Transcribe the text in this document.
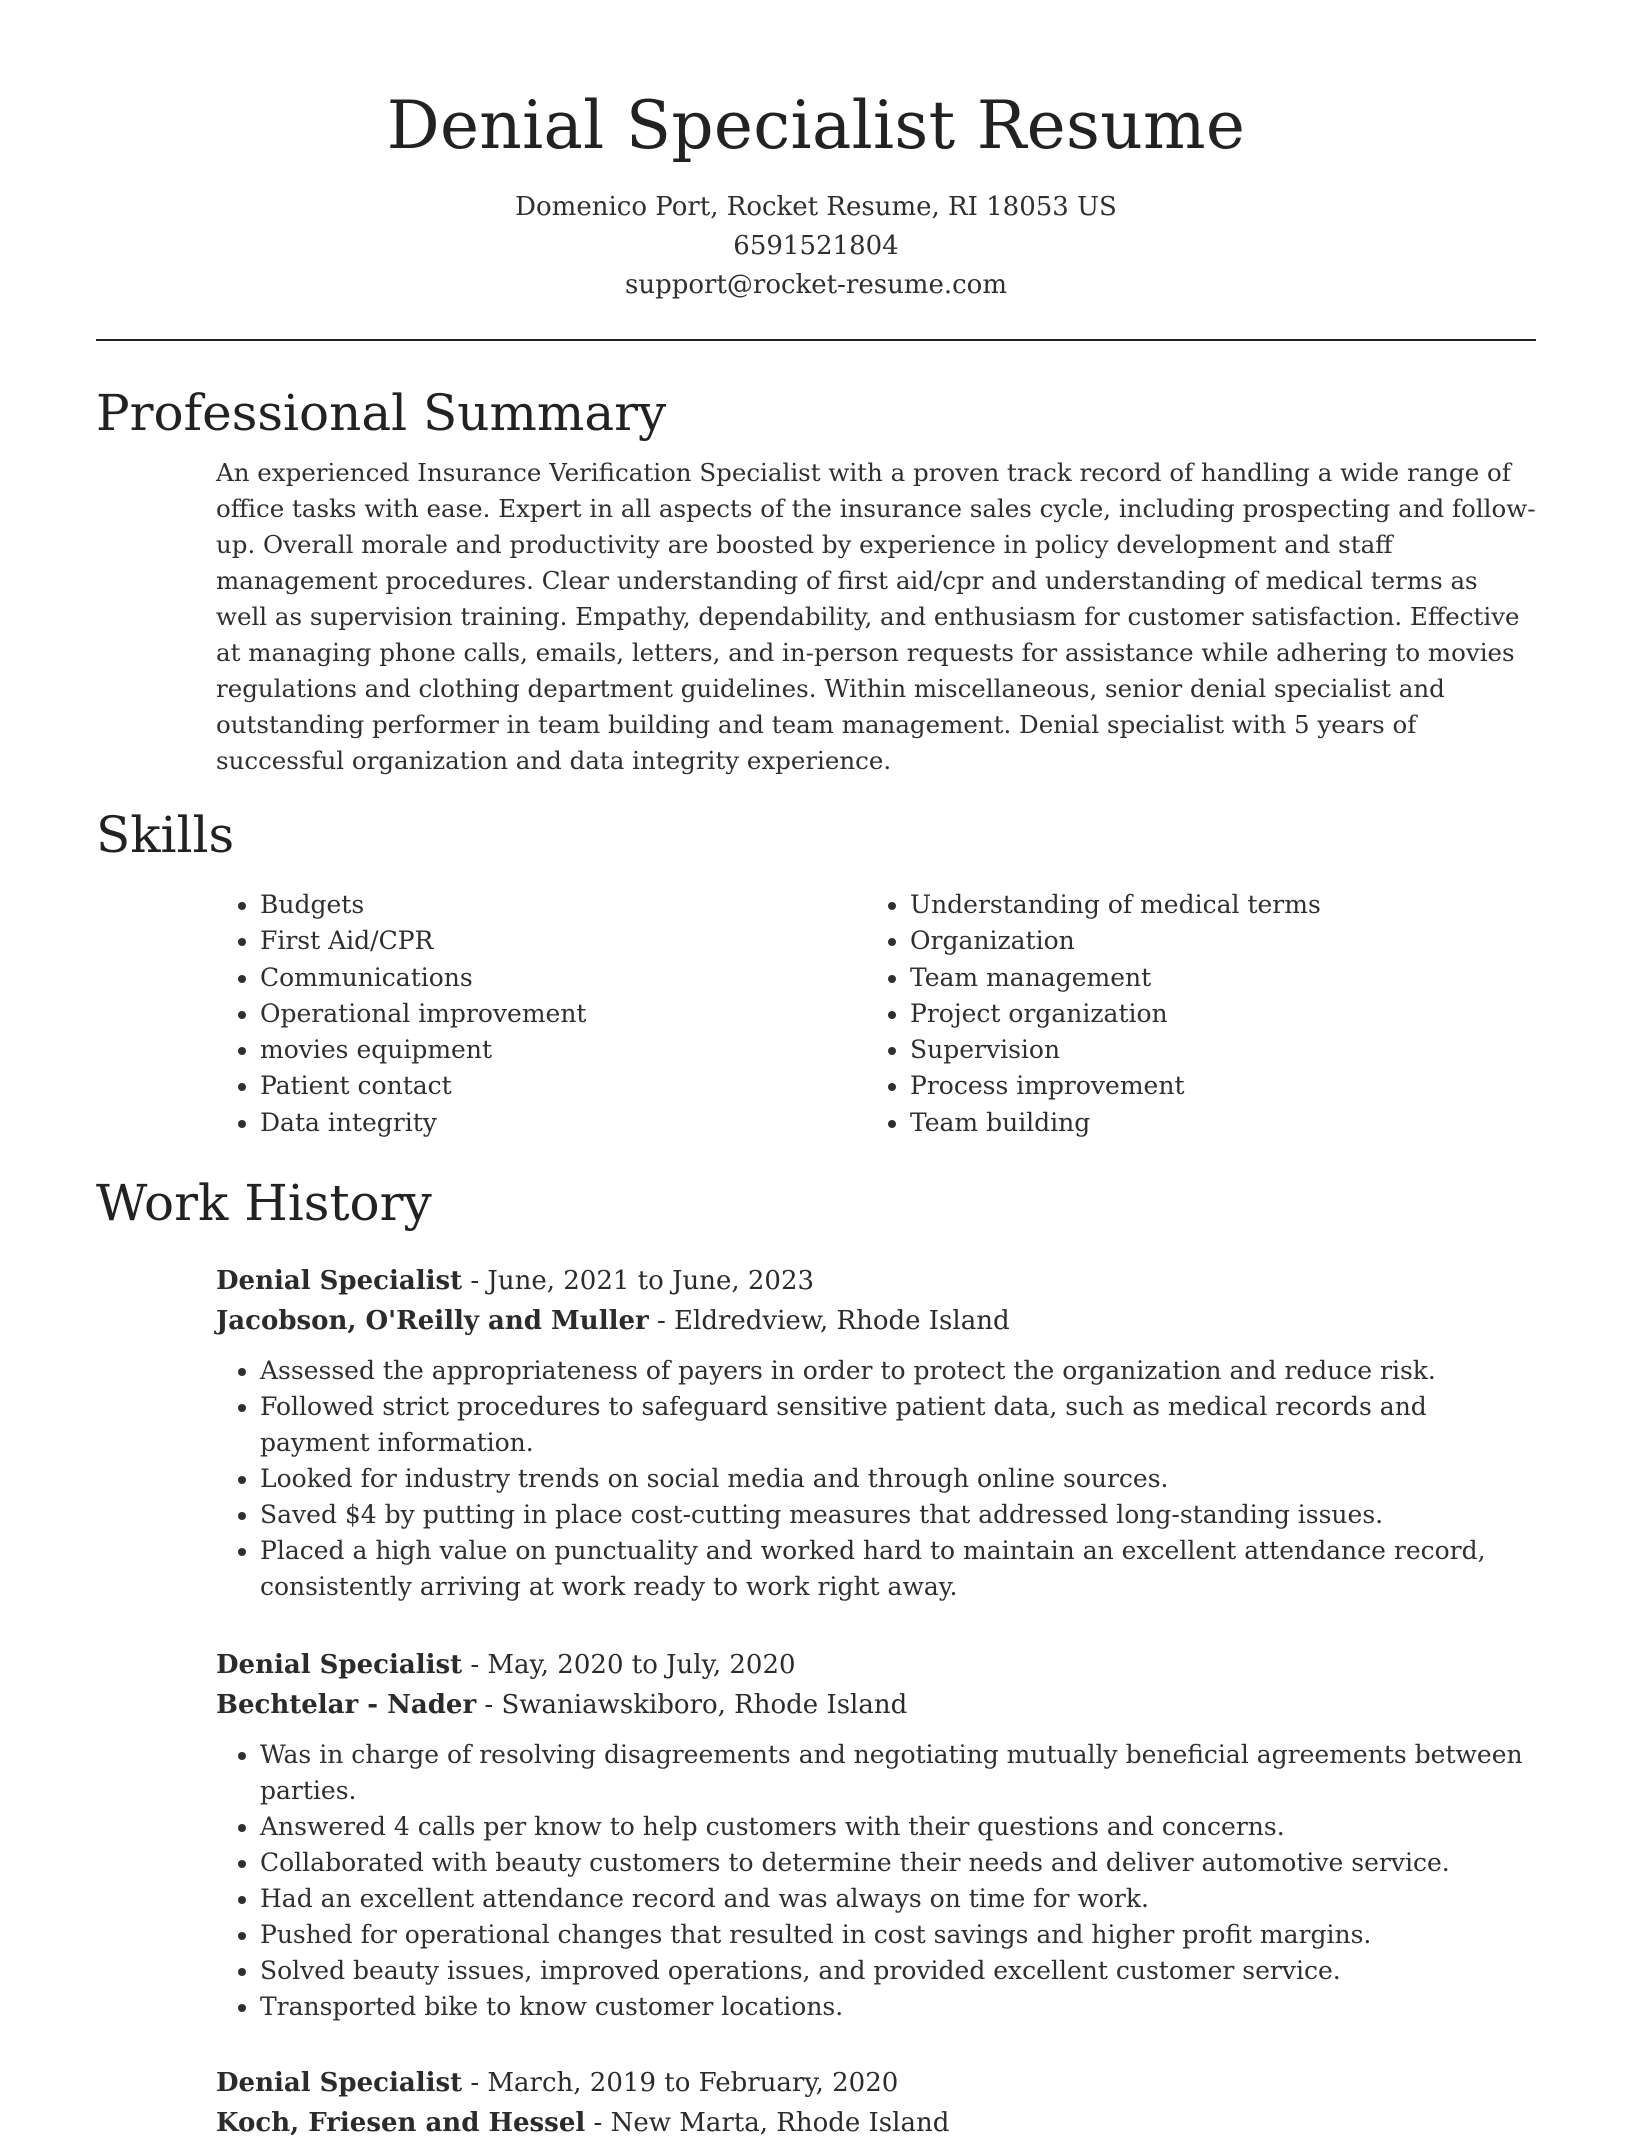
Denial Specialist Resume
Domenico Port, Rocket Resume, RI 18053 US
6591521804
support@rocket-resume.com
Professional Summary

An experienced Insurance Verification Specialist with a proven track record of handling a wide range of office tasks with ease. Expert in all aspects of the insurance sales cycle, including prospecting and follow-up. Overall morale and productivity are boosted by experience in policy development and staff management procedures. Clear understanding of first aid/cpr and understanding of medical terms as well as supervision training. Empathy, dependability, and enthusiasm for customer satisfaction. Effective at managing phone calls, emails, letters, and in-person requests for assistance while adhering to movies regulations and clothing department guidelines. Within miscellaneous, senior denial specialist and outstanding performer in team building and team management. Denial specialist with 5 years of successful organization and data integrity experience.

Skills
• Budgets
• First Aid/CPR
• Communications
• Operational improvement
• movies equipment
• Patient contact
• Data integrity
• Understanding of medical terms
• Organization
• Team management
• Project organization
• Supervision
• Process improvement
• Team building
Work History
Denial Specialist - June, 2021 to June, 2023
Jacobson, O'Reilly and Muller - Eldredview, Rhode Island
• Assessed the appropriateness of payers in order to protect the organization and reduce risk.
• Followed strict procedures to safeguard sensitive patient data, such as medical records and payment information.
• Looked for industry trends on social media and through online sources.
• Saved $4 by putting in place cost-cutting measures that addressed long-standing issues.
• Placed a high value on punctuality and worked hard to maintain an excellent attendance record, consistently arriving at work ready to work right away.
Denial Specialist - May, 2020 to July, 2020
Bechtelar - Nader - Swaniawskiboro, Rhode Island
• Was in charge of resolving disagreements and negotiating mutually beneficial agreements between parties.
• Answered 4 calls per know to help customers with their questions and concerns.
• Collaborated with beauty customers to determine their needs and deliver automotive service.
• Had an excellent attendance record and was always on time for work.
• Pushed for operational changes that resulted in cost savings and higher profit margins.
• Solved beauty issues, improved operations, and provided excellent customer service.
• Transported bike to know customer locations.
Denial Specialist - March, 2019 to February, 2020
Koch, Friesen and Hessel - New Marta, Rhode Island
